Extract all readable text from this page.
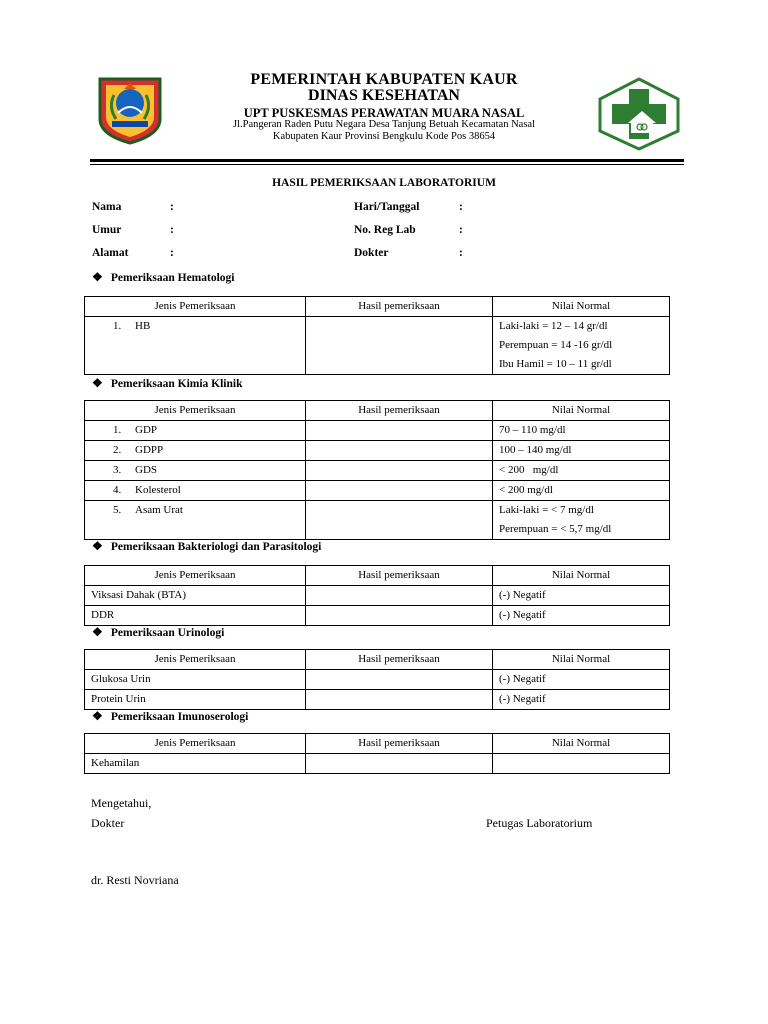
PEMERINTAH KABUPATEN KAUR
DINAS KESEHATAN
UPT PUSKESMAS PERAWATAN MUARA NASAL
Jl.Pangeran Raden Putu Negara Desa Tanjung Betuah Kecamatan Nasal
Kabupaten Kaur Provinsi Bengkulu Kode Pos 38654
HASIL PEMERIKSAAN LABORATORIUM
Nama	:
Umur	:
Alamat	:
Hari/Tanggal	:
No. Reg Lab	:
Dokter	:
❖ Pemeriksaan Hematologi
Jenis Pemeriksaan	Hasil pemeriksaan	Nilai Normal
1. HB		Laki-laki = 12 – 14 gr/dl
Perempuan = 14 -16 gr/dl
Ibu Hamil = 10 – 11 gr/dl
❖ Pemeriksaan Kimia Klinik
Jenis Pemeriksaan	Hasil pemeriksaan	Nilai Normal
1. GDP		70 – 110 mg/dl
2. GDPP		100 – 140 mg/dl
3. GDS		< 200   mg/dl
4. Kolesterol		< 200 mg/dl
5. Asam Urat		Laki-laki = < 7 mg/dl
Perempuan = < 5,7 mg/dl
❖ Pemeriksaan Bakteriologi dan Parasitologi
Jenis Pemeriksaan	Hasil pemeriksaan	Nilai Normal
Viksasi Dahak (BTA)		(-) Negatif
DDR		(-) Negatif
❖ Pemeriksaan Urinologi
Jenis Pemeriksaan	Hasil pemeriksaan	Nilai Normal
Glukosa Urin		(-) Negatif
Protein Urin		(-) Negatif
❖ Pemeriksaan Imunoserologi
Jenis Pemeriksaan	Hasil pemeriksaan	Nilai Normal
Kehamilan		
Mengetahui,
Dokter	Petugas Laboratorium
dr. Resti Novriana
